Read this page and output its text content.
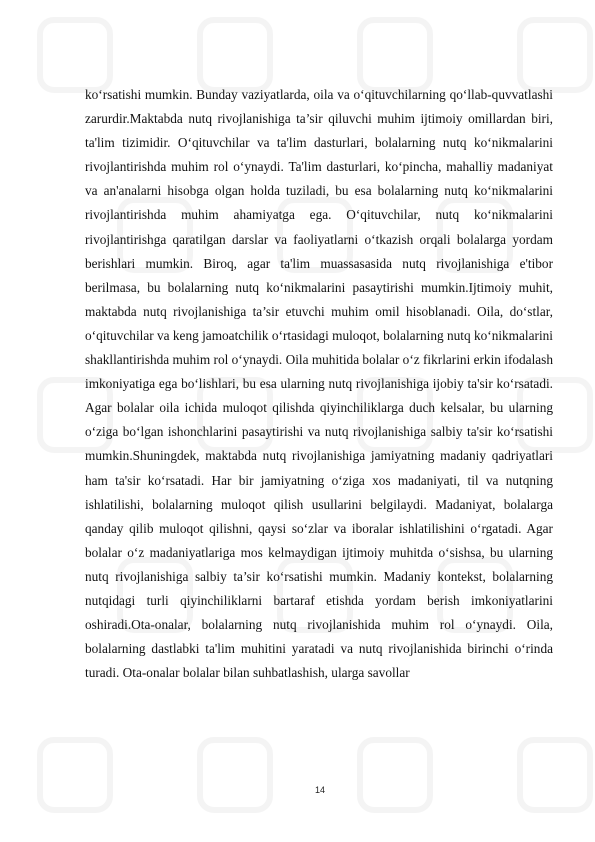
ko‘rsatishi mumkin. Bunday vaziyatlarda, oila va o‘qituvchilarning qo‘llab-quvvatlashi zarurdir.Maktabda nutq rivojlanishiga ta’sir qiluvchi muhim ijtimoiy omillardan biri, ta'lim tizimidir. O‘qituvchilar va ta'lim dasturlari, bolalarning nutq ko‘nikmalarini rivojlantirishda muhim rol o‘ynaydi. Ta'lim dasturlari, ko‘pincha, mahalliy madaniyat va an'analarni hisobga olgan holda tuziladi, bu esa bolalarning nutq ko‘nikmalarini rivojlantirishda muhim ahamiyatga ega. O‘qituvchilar, nutq ko‘nikmalarini rivojlantirishga qaratilgan darslar va faoliyatlarni o‘tkazish orqali bolalarga yordam berishlari mumkin. Biroq, agar ta'lim muassasasida nutq rivojlanishiga e'tibor berilmasa, bu bolalarning nutq ko‘nikmalarini pasaytirishi mumkin.Ijtimoiy muhit, maktabda nutq rivojlanishiga ta’sir etuvchi muhim omil hisoblanadi. Oila, do‘stlar, o‘qituvchilar va keng jamoatchilik o‘rtasidagi muloqot, bolalarning nutq ko‘nikmalarini shakllantirishda muhim rol o‘ynaydi. Oila muhitida bolalar o‘z fikrlarini erkin ifodalash imkoniyatiga ega bo‘lishlari, bu esa ularning nutq rivojlanishiga ijobiy ta'sir ko‘rsatadi. Agar bolalar oila ichida muloqot qilishda qiyinchiliklarga duch kelsalar, bu ularning o‘ziga bo‘lgan ishonchlarini pasaytirishi va nutq rivojlanishiga salbiy ta'sir ko‘rsatishi mumkin.Shuningdek, maktabda nutq rivojlanishiga jamiyatning madaniy qadriyatlari ham ta'sir ko‘rsatadi. Har bir jamiyatning o‘ziga xos madaniyati, til va nutqning ishlatilishi, bolalarning muloqot qilish usullarini belgilaydi. Madaniyat, bolalarga qanday qilib muloqot qilishni, qaysi so‘zlar va iboralar ishlatilishini o‘rgatadi. Agar bolalar o‘z madaniyatlariga mos kelmaydigan ijtimoiy muhitda o‘sishsa, bu ularning nutq rivojlanishiga salbiy ta’sir ko‘rsatishi mumkin. Madaniy kontekst, bolalarning nutqidagi turli qiyinchiliklarni bartaraf etishda yordam berish imkoniyatlarini oshiradi.Ota-onalar, bolalarning nutq rivojlanishida muhim rol o‘ynaydi. Oila, bolalarning dastlabki ta'lim muhitini yaratadi va nutq rivojlanishida birinchi o‘rinda turadi. Ota-onalar bolalar bilan suhbatlashish, ularga savollar

14
